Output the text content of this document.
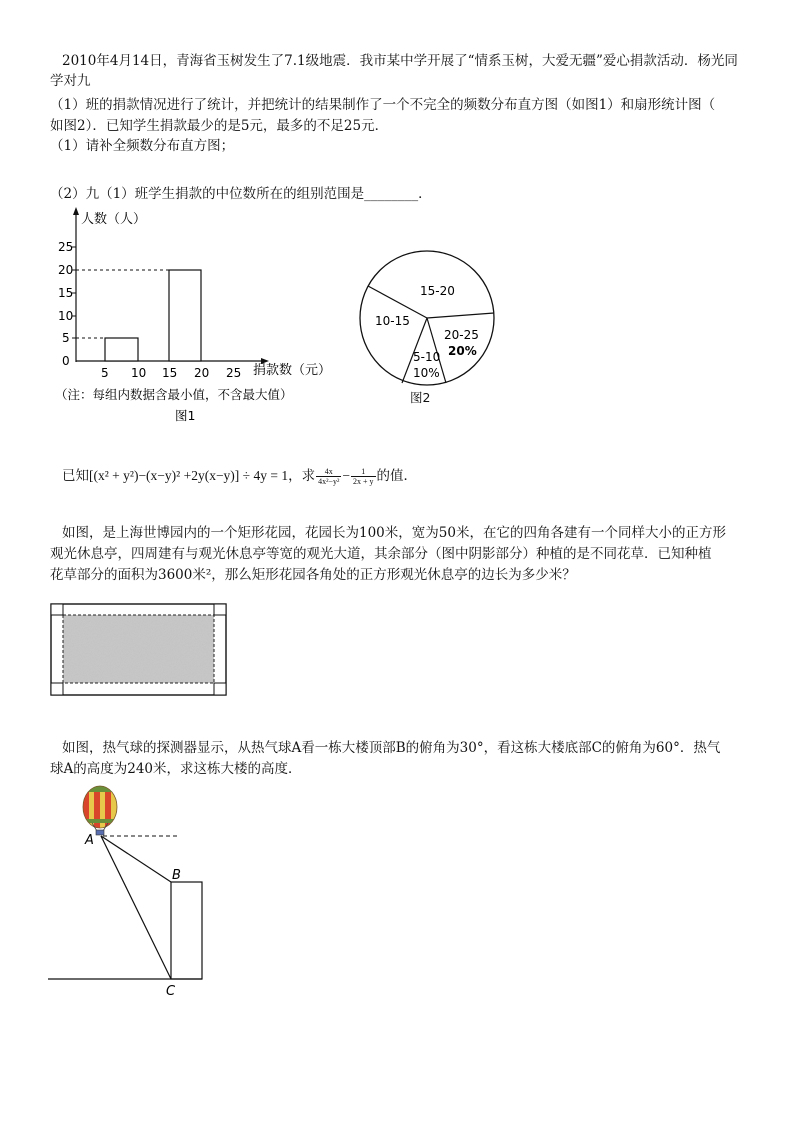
2010年4月14日，青海省玉树发生了7.1级地震．我市某中学开展了“情系玉树，大爱无疆”爱心捐款活动．杨光同
学对九
（1）班的捐款情况进行了统计，并把统计的结果制作了一个不完全的频数分布直方图（如图1）和扇形统计图（
如图2）．已知学生捐款最少的是5元，最多的不足25元．
（1）请补全频数分布直方图；
（2）九（1）班学生捐款的中位数所在的组别范围是________．
25
20
15
10
5
0
5 10 15 20 25
人数（人）
捐款数（元）
（注：每组内数据含最小值，不含最大值）
图1
15-20
10-15
20-25
20%
5-10
10%
图2
已知[(x² + y²)−(x−y)² +2y(x−y)] ÷ 4y = 1，求 $\frac{4x}{\text{4x²−y²}} - \frac{1}{2x + y}$ 的值．
如图，是上海世博园内的一个矩形花园，花园长为100米，宽为50米，在它的四角各建有一个同样大小的正方形
观光休息亭，四周建有与观光休息亭等宽的观光大道，其余部分（图中阴影部分）种植的是不同花草．已知种植
花草部分的面积为3600米²，那么矩形花园各角处的正方形观光休息亭的边长为多少米？
如图，热气球的探测器显示，从热气球A看一栋大楼顶部B的俯角为30°，看这栋大楼底部C的俯角为60°．热气
球A的高度为240米，求这栋大楼的高度．
A
B
C
